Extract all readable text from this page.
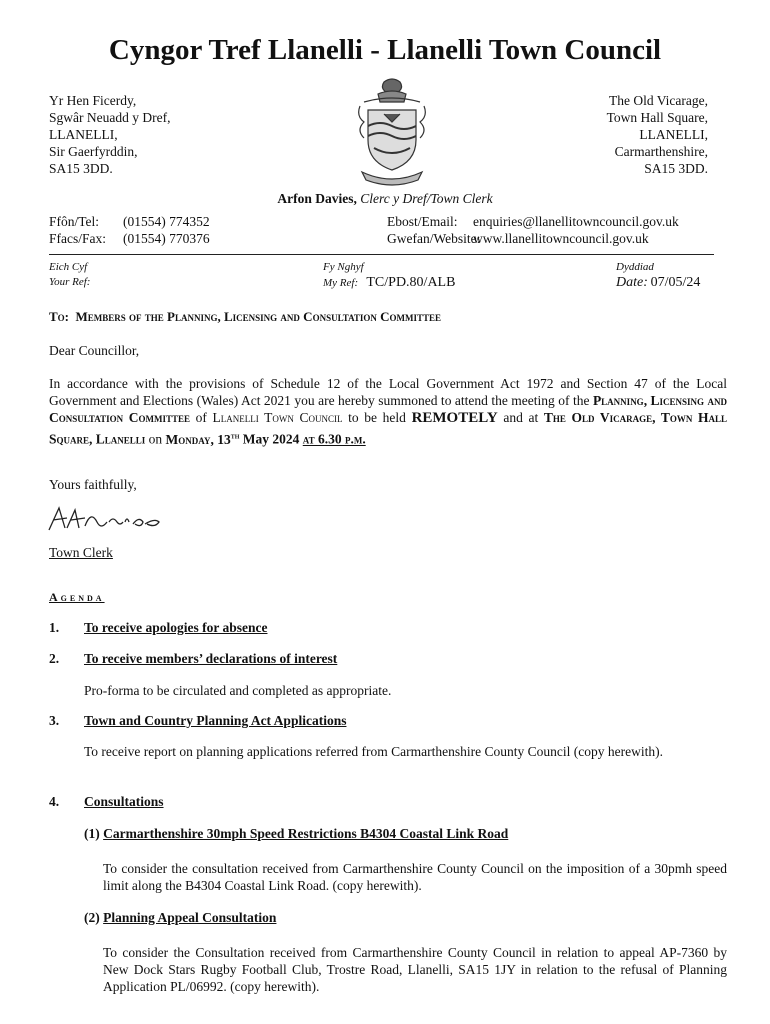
Cyngor Tref Llanelli - Llanelli Town Council
Yr Hen Ficerdy,
Sgwâr Neuadd y Dref,
LLANELLI,
Sir Gaerfyrddin,
SA15 3DD.
The Old Vicarage,
Town Hall Square,
LLANELLI,
Carmarthenshire,
SA15 3DD.
Arfon Davies, Clerc y Dref/Town Clerk
Ffôn/Tel: (01554) 774352
Ffacs/Fax: (01554) 770376
Ebost/Email: enquiries@llanellitowncouncil.gov.uk
Gwefan/Website:www.llanellitowncouncil.gov.uk
Eich Cyf
Your Ref:
Fy Nghyf
My Ref: TC/PD.80/ALB
Dyddiad
Date: 07/05/24
To: Members of the Planning, Licensing and Consultation Committee
Dear Councillor,
In accordance with the provisions of Schedule 12 of the Local Government Act 1972 and Section 47 of the Local Government and Elections (Wales) Act 2021 you are hereby summoned to attend the meeting of the Planning, Licensing and Consultation Committee of Llanelli Town Council to be held REMOTELY and at The Old Vicarage, Town Hall Square, Llanelli on Monday, 13th May 2024 at 6.30 p.m.
Yours faithfully,
Town Clerk
Agenda
1. To receive apologies for absence
2. To receive members’ declarations of interest
Pro-forma to be circulated and completed as appropriate.
3. Town and Country Planning Act Applications
To receive report on planning applications referred from Carmarthenshire County Council (copy herewith).
4. Consultations
(1) Carmarthenshire 30mph Speed Restrictions B4304 Coastal Link Road
To consider the consultation received from Carmarthenshire County Council on the imposition of a 30pmh speed limit along the B4304 Coastal Link Road. (copy herewith).
(2) Planning Appeal Consultation
To consider the Consultation received from Carmarthenshire County Council in relation to appeal AP-7360 by New Dock Stars Rugby Football Club, Trostre Road, Llanelli, SA15 1JY in relation to the refusal of Planning Application PL/06992. (copy herewith).
